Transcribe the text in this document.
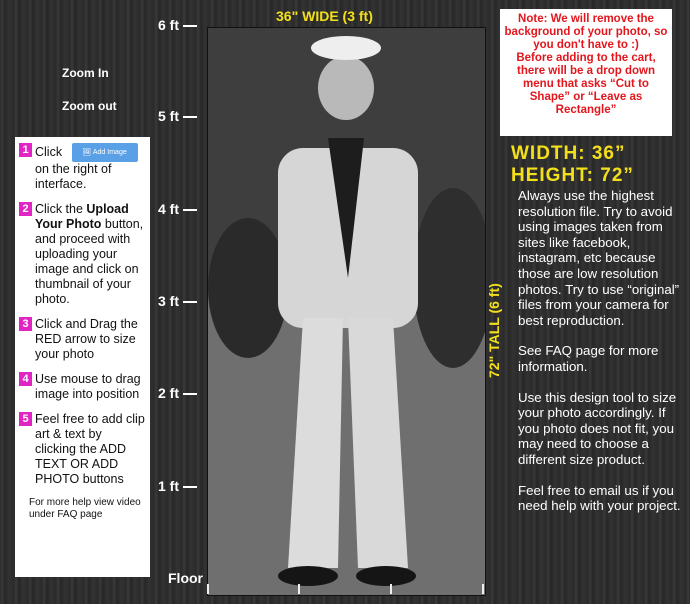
6 ft
5 ft
4 ft
3 ft
2 ft
1 ft
Floor
Zoom In
Zoom out
36" WIDE (3 ft)
72" TALL (6 ft)
1 Click	🖼 Add Image on the right of interface.
2 Click the Upload Your Photo button, and proceed with uploading your image and click on thumbnail of your photo.
3 Click and Drag the RED arrow to size your photo
4 Use mouse to drag image into position
5 Feel free to add clip art & text by clicking the ADD TEXT OR ADD PHOTO buttons
For more help view video under FAQ page
Note: We will remove the background of your photo, so you don't have to :)
Before adding to the cart, there will be a drop down menu that asks “Cut to Shape” or “Leave as Rectangle”
WIDTH: 36”
HEIGHT: 72”

Always use the highest resolution file. Try to avoid using images taken from sites like facebook, instagram, etc because those are low resolution photos. Try to use “original” files from your camera for best reproduction.

See FAQ page for more information.

Use this design tool to size your photo accordingly. If you photo does not fit, you may need to choose a different size product.

Feel free to email us if you need help with your project.
